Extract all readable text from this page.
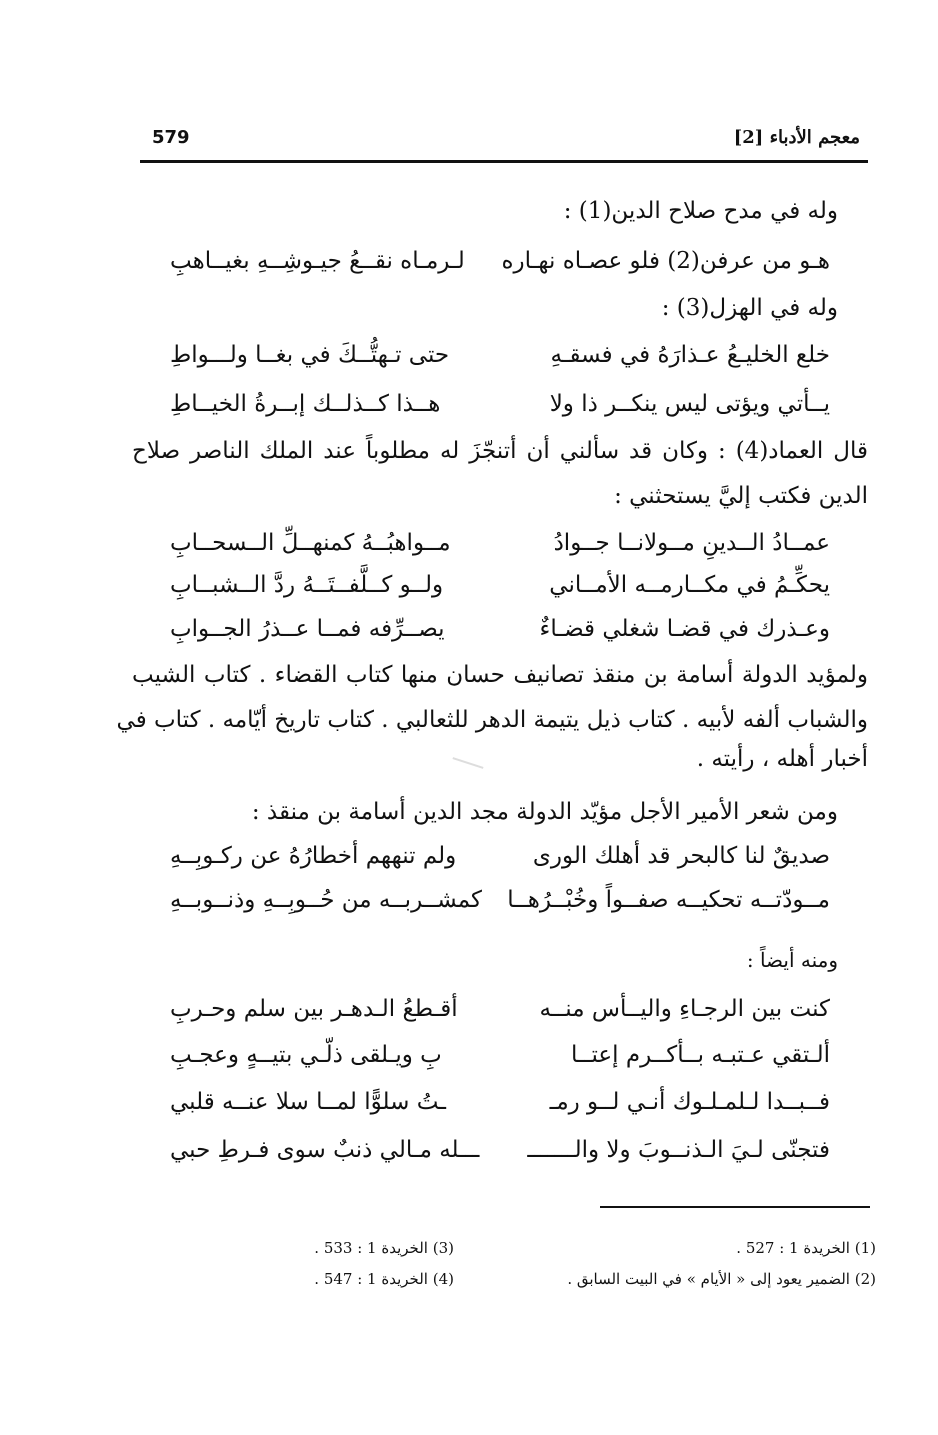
معجم الأدباء [2]
579
وله في مدح صلاح الدين(1) :
هـو من عرفن(2) فلو عصـاه نهـاره
لـرمـاه نقــعُ جيـوشِــهِ بغيــاهبِ
وله في الهزل(3) :
خلع الخليـعُ عـذارَهُ في فسقـهِ
حتى تـهتُّــكَ في بغــا ولـــواطِ
يــأتي ويؤتى ليس ينكــر ذا ولا
هــذا كــذلــك إبــرةُ الخيــاطِ
قال العماد(4) : وكان قد سألني أن أتنجّزَ له مطلوباً عند الملك الناصر صلاح
الدين فكتب إليَّ يستحثني :
عمــادُ الــدينِ مــولانــا جــوادُ
مــواهبُــهُ كمنهــلِّ الــسحــابِ
يحكِّـمُ في مكــارمــه الأمــاني
ولــو كــلَّفــتَــهُ ردَّ الــشبــابِ
وعـذرك في قضـا شغلي قضـاءٌ
يصــرِّفه فمــا عــذرُ الجــوابِ
ولمؤيد الدولة أسامة بن منقذ تصانيف حسان منها كتاب القضاء . كتاب الشيب
والشباب ألفه لأبيه . كتاب ذيل يتيمة الدهر للثعالبي . كتاب تاريخ أيّامه . كتاب في
أخبار أهله ، رأيته .
ومن شعر الأمير الأجل مؤيّد الدولة مجد الدين أسامة بن منقذ :
صديقٌ لنا كالبحر قد أهلك الورى
ولم تنههم أخطارُهُ عن ركـوبِــهِ
مــودّتــه تحكيــه صفــواً وخُبْــرُهــا
كمشــربــه من حُــوبِــهِ وذنــوبــهِ
ومنه أيضاً :
كنت بين الرجـاءِ واليــأس منــه
أقـطعُ الـدهـر بين سلم وحـربِ
ألـتقي عـتبـه بــأكــرم إعتــا
بِ ويـلقى ذلّـي بتيــهٍ وعجـبِ
فــبــدا لـلمـلـوك أنـي لــو رمـ
ـتُ سلوًّا لمــا سلا عنــه قلبي
فتجنّى لـيَ الـذنــوبَ ولا والـــــــ
ـــله مـالي ذنبٌ سوى فـرطِ حبي
(1) الخريدة 1 : 527 .
(2) الضمير يعود إلى « الأيام » في البيت السابق .
(3) الخريدة 1 : 533 .
(4) الخريدة 1 : 547 .
